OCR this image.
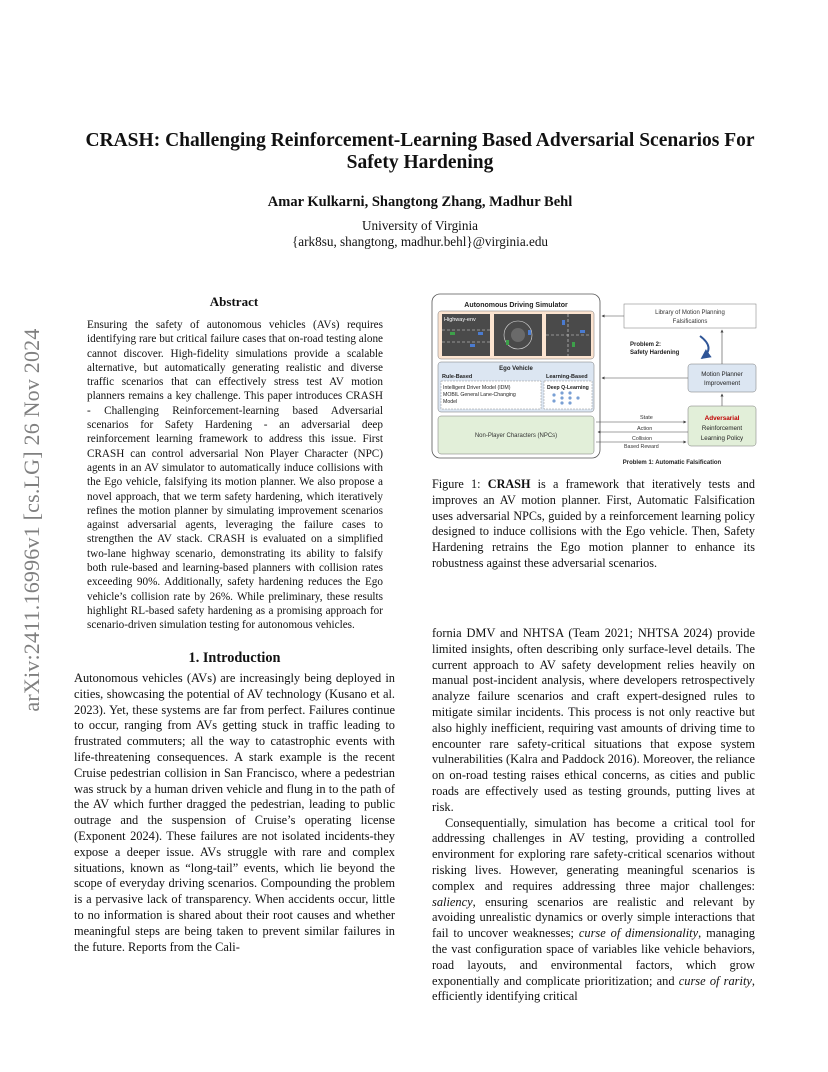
arXiv:2411.16996v1 [cs.LG] 26 Nov 2024
CRASH: Challenging Reinforcement-Learning Based Adversarial Scenarios For
Safety Hardening
Amar Kulkarni, Shangtong Zhang, Madhur Behl
University of Virginia
{ark8su, shangtong, madhur.behl}@virginia.edu
Abstract

Ensuring the safety of autonomous vehicles (AVs) requires identifying rare but critical failure cases that on-road testing alone cannot discover. High-fidelity simulations provide a scalable alternative, but automatically generating realistic and diverse traffic scenarios that can effectively stress test AV motion planners remains a key challenge. This paper introduces CRASH - Challenging Reinforcement-learning based Adversarial scenarios for Safety Hardening - an adversarial deep reinforcement learning framework to address this issue. First CRASH can control adversarial Non Player Character (NPC) agents in an AV simulator to automatically induce collisions with the Ego vehicle, falsifying its motion planner. We also propose a novel approach, that we term safety hardening, which iteratively refines the motion planner by simulating improvement scenarios against adversarial agents, leveraging the failure cases to strengthen the AV stack. CRASH is evaluated on a simplified two-lane highway scenario, demonstrating its ability to falsify both rule-based and learning-based planners with collision rates exceeding 90%. Additionally, safety hardening reduces the Ego vehicle’s collision rate by 26%. While preliminary, these results highlight RL-based safety hardening as a promising approach for scenario-driven simulation testing for autonomous vehicles.

1. Introduction

Autonomous vehicles (AVs) are increasingly being deployed in cities, showcasing the potential of AV technology (Kusano et al. 2023). Yet, these systems are far from perfect. Failures continue to occur, ranging from AVs getting stuck in traffic leading to frustrated commuters; all the way to catastrophic events with life-threatening consequences. A stark example is the recent Cruise pedestrian collision in San Francisco, where a pedestrian was struck by a human driven vehicle and flung in to the path of the AV which further dragged the pedestrian, leading to public outrage and the suspension of Cruise’s operating license (Exponent 2024). These failures are not isolated incidents-they expose a deeper issue. AVs struggle with rare and complex situations, known as “long-tail” events, which lie beyond the scope of everyday driving scenarios. Compounding the problem is a pervasive lack of transparency. When accidents occur, little to no information is shared about their root causes and whether meaningful steps are being taken to prevent similar failures in the future. Reports from the Cali-

Autonomous Driving Simulator
Highway-env
Ego Vehicle
Rule-Based	Learning-Based
Intelligent Driver Model (IDM)
MOBIL General Lane-Changing
Model
Deep Q-Learning
Non-Player Characters (NPCs)
Library of Motion Planning
Falsifications
Problem 2:
Safety Hardening
Motion Planner
Improvement
Adversarial
Reinforcement
Learning Policy
State
Action
Collision
Based Reward
Problem 1: Automatic Falsification

Figure 1: CRASH is a framework that iteratively tests and improves an AV motion planner. First, Automatic Falsification uses adversarial NPCs, guided by a reinforcement learning policy designed to induce collisions with the Ego vehicle. Then, Safety Hardening retrains the Ego motion planner to enhance its robustness against these adversarial scenarios.

fornia DMV and NHTSA (Team 2021; NHTSA 2024) provide limited insights, often describing only surface-level details. The current approach to AV safety development relies heavily on manual post-incident analysis, where developers retrospectively analyze failure scenarios and craft expert-designed rules to mitigate similar incidents. This process is not only reactive but also highly inefficient, requiring vast amounts of driving time to encounter rare safety-critical situations that expose system vulnerabilities (Kalra and Paddock 2016). Moreover, the reliance on on-road testing raises ethical concerns, as cities and public roads are effectively used as testing grounds, putting lives at risk.

Consequentially, simulation has become a critical tool for addressing challenges in AV testing, providing a controlled environment for exploring rare safety-critical scenarios without risking lives. However, generating meaningful scenarios is complex and requires addressing three major challenges: saliency, ensuring scenarios are realistic and relevant by avoiding unrealistic dynamics or overly simple interactions that fail to uncover weaknesses; curse of dimensionality, managing the vast configuration space of variables like vehicle behaviors, road layouts, and environmental factors, which grow exponentially and complicate prioritization; and curse of rarity, efficiently identifying critical
